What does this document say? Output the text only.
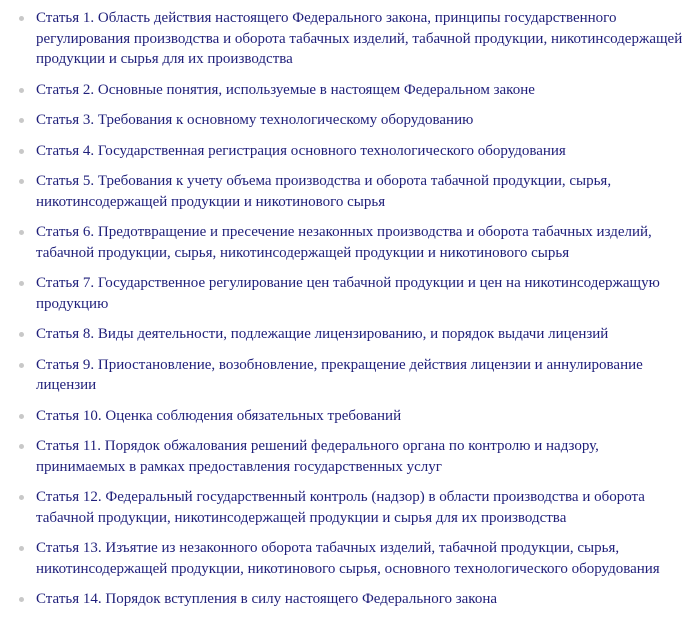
Статья 1. Область действия настоящего Федерального закона, принципы государственного регулирования производства и оборота табачных изделий, табачной продукции, никотинсодержащей продукции и сырья для их производства
Статья 2. Основные понятия, используемые в настоящем Федеральном законе
Статья 3. Требования к основному технологическому оборудованию
Статья 4. Государственная регистрация основного технологического оборудования
Статья 5. Требования к учету объема производства и оборота табачной продукции, сырья, никотинсодержащей продукции и никотинового сырья
Статья 6. Предотвращение и пресечение незаконных производства и оборота табачных изделий, табачной продукции, сырья, никотинсодержащей продукции и никотинового сырья
Статья 7. Государственное регулирование цен табачной продукции и цен на никотинсодержащую продукцию
Статья 8. Виды деятельности, подлежащие лицензированию, и порядок выдачи лицензий
Статья 9. Приостановление, возобновление, прекращение действия лицензии и аннулирование лицензии
Статья 10. Оценка соблюдения обязательных требований
Статья 11. Порядок обжалования решений федерального органа по контролю и надзору, принимаемых в рамках предоставления государственных услуг
Статья 12. Федеральный государственный контроль (надзор) в области производства и оборота табачной продукции, никотинсодержащей продукции и сырья для их производства
Статья 13. Изъятие из незаконного оборота табачных изделий, табачной продукции, сырья, никотинсодержащей продукции, никотинового сырья, основного технологического оборудования
Статья 14. Порядок вступления в силу настоящего Федерального закона
